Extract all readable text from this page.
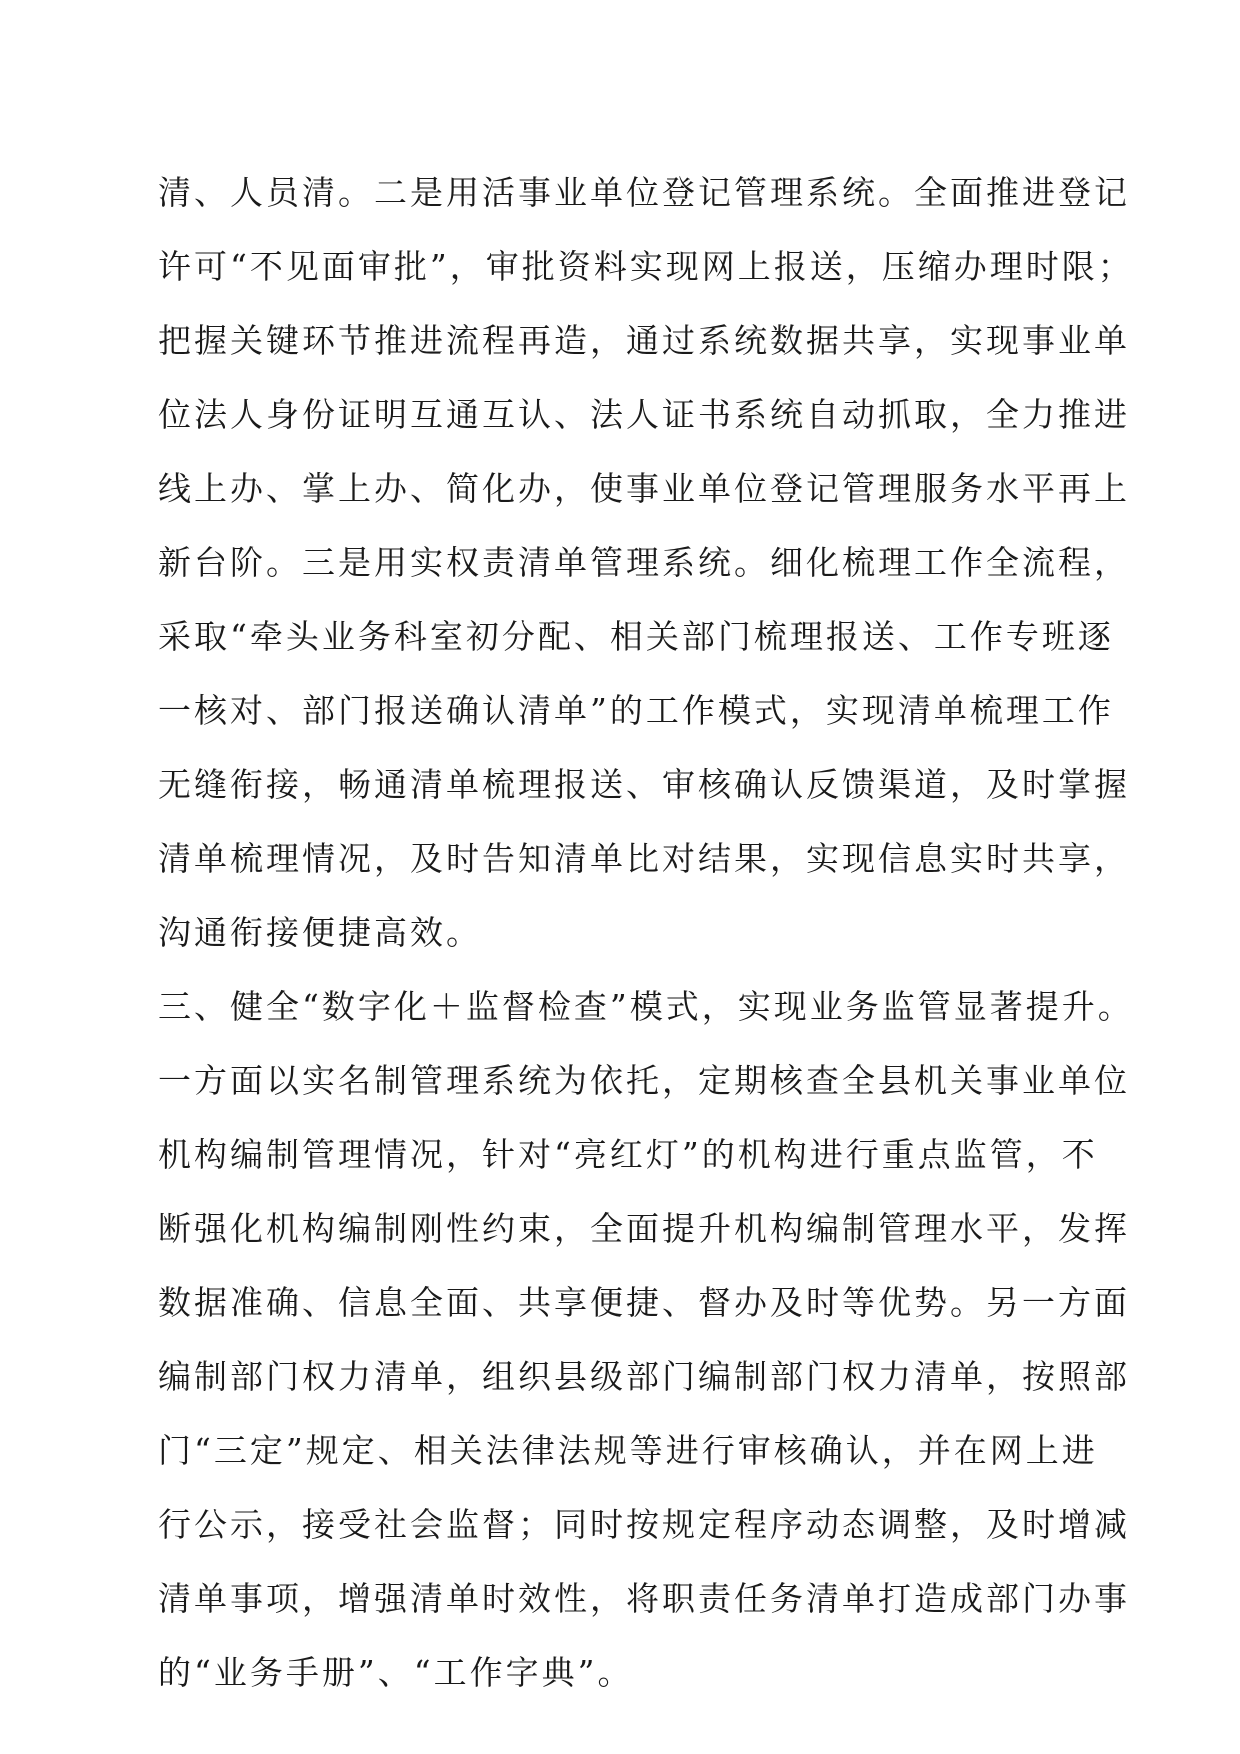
清、人员清。二是用活事业单位登记管理系统。全面推进登记
许可“不见面审批”，审批资料实现网上报送，压缩办理时限；
把握关键环节推进流程再造，通过系统数据共享，实现事业单
位法人身份证明互通互认、法人证书系统自动抓取，全力推进
线上办、掌上办、简化办，使事业单位登记管理服务水平再上
新台阶。三是用实权责清单管理系统。细化梳理工作全流程，
采取“牵头业务科室初分配、相关部门梳理报送、工作专班逐
一核对、部门报送确认清单”的工作模式，实现清单梳理工作
无缝衔接，畅通清单梳理报送、审核确认反馈渠道，及时掌握
清单梳理情况，及时告知清单比对结果，实现信息实时共享，
沟通衔接便捷高效。
三、健全“数字化＋监督检查”模式，实现业务监管显著提升。
一方面以实名制管理系统为依托，定期核查全县机关事业单位
机构编制管理情况，针对“亮红灯”的机构进行重点监管，不
断强化机构编制刚性约束，全面提升机构编制管理水平，发挥
数据准确、信息全面、共享便捷、督办及时等优势。另一方面
编制部门权力清单，组织县级部门编制部门权力清单，按照部
门“三定”规定、相关法律法规等进行审核确认，并在网上进
行公示，接受社会监督；同时按规定程序动态调整，及时增减
清单事项，增强清单时效性，将职责任务清单打造成部门办事
的“业务手册”、“工作字典”。
